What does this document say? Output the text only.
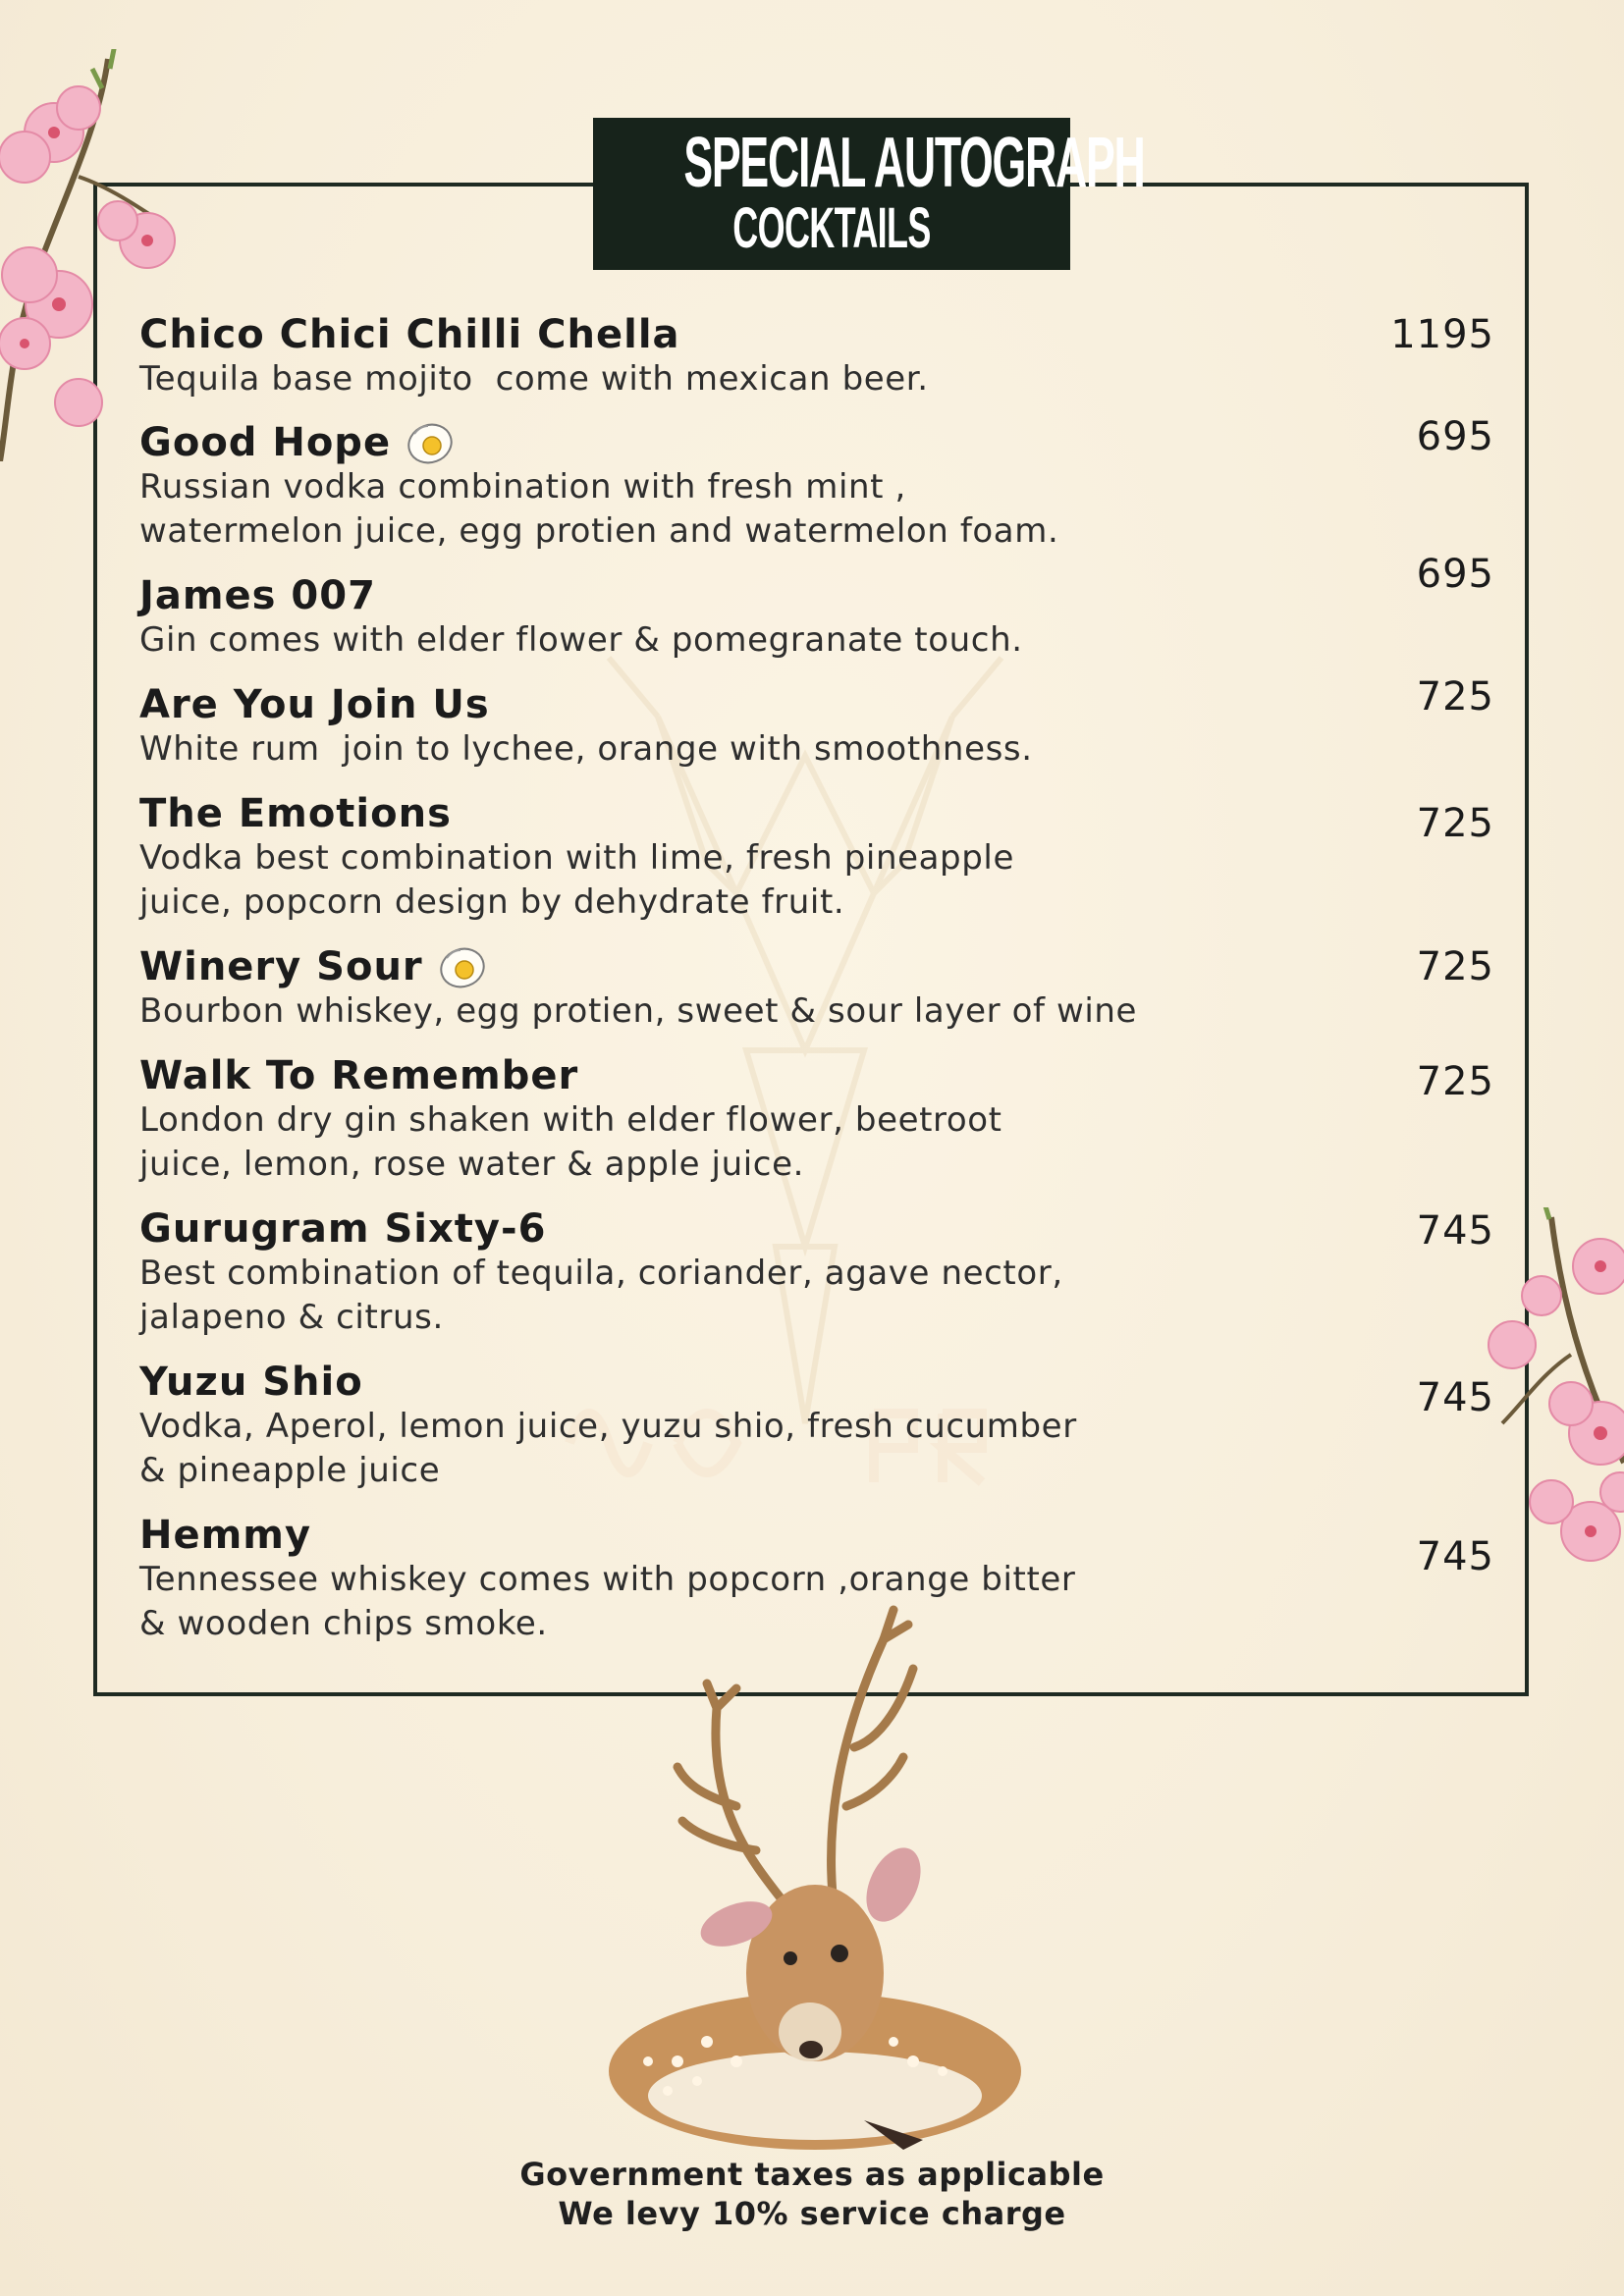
SPECIAL AUTOGRAPH
COCKTAILS
Chico Chici Chilli Chella
Tequila base mojito  come with mexican beer.
1195
Good Hope
Russian vodka combination with fresh mint ,
watermelon juice, egg protien and watermelon foam.
695
James 007
Gin comes with elder flower & pomegranate touch.
695
Are You Join Us
White rum  join to lychee, orange with smoothness.
725
The Emotions
Vodka best combination with lime, fresh pineapple
juice, popcorn design by dehydrate fruit.
725
Winery Sour
Bourbon whiskey, egg protien, sweet & sour layer of wine
725
Walk To Remember
London dry gin shaken with elder flower, beetroot
juice, lemon, rose water & apple juice.
725
Gurugram Sixty-6
Best combination of tequila, coriander, agave nector,
jalapeno & citrus.
745
Yuzu Shio
Vodka, Aperol, lemon juice, yuzu shio, fresh cucumber
& pineapple juice
745
Hemmy
Tennessee whiskey comes with popcorn ,orange bitter
& wooden chips smoke.
745
Government taxes as applicable
We levy 10% service charge
